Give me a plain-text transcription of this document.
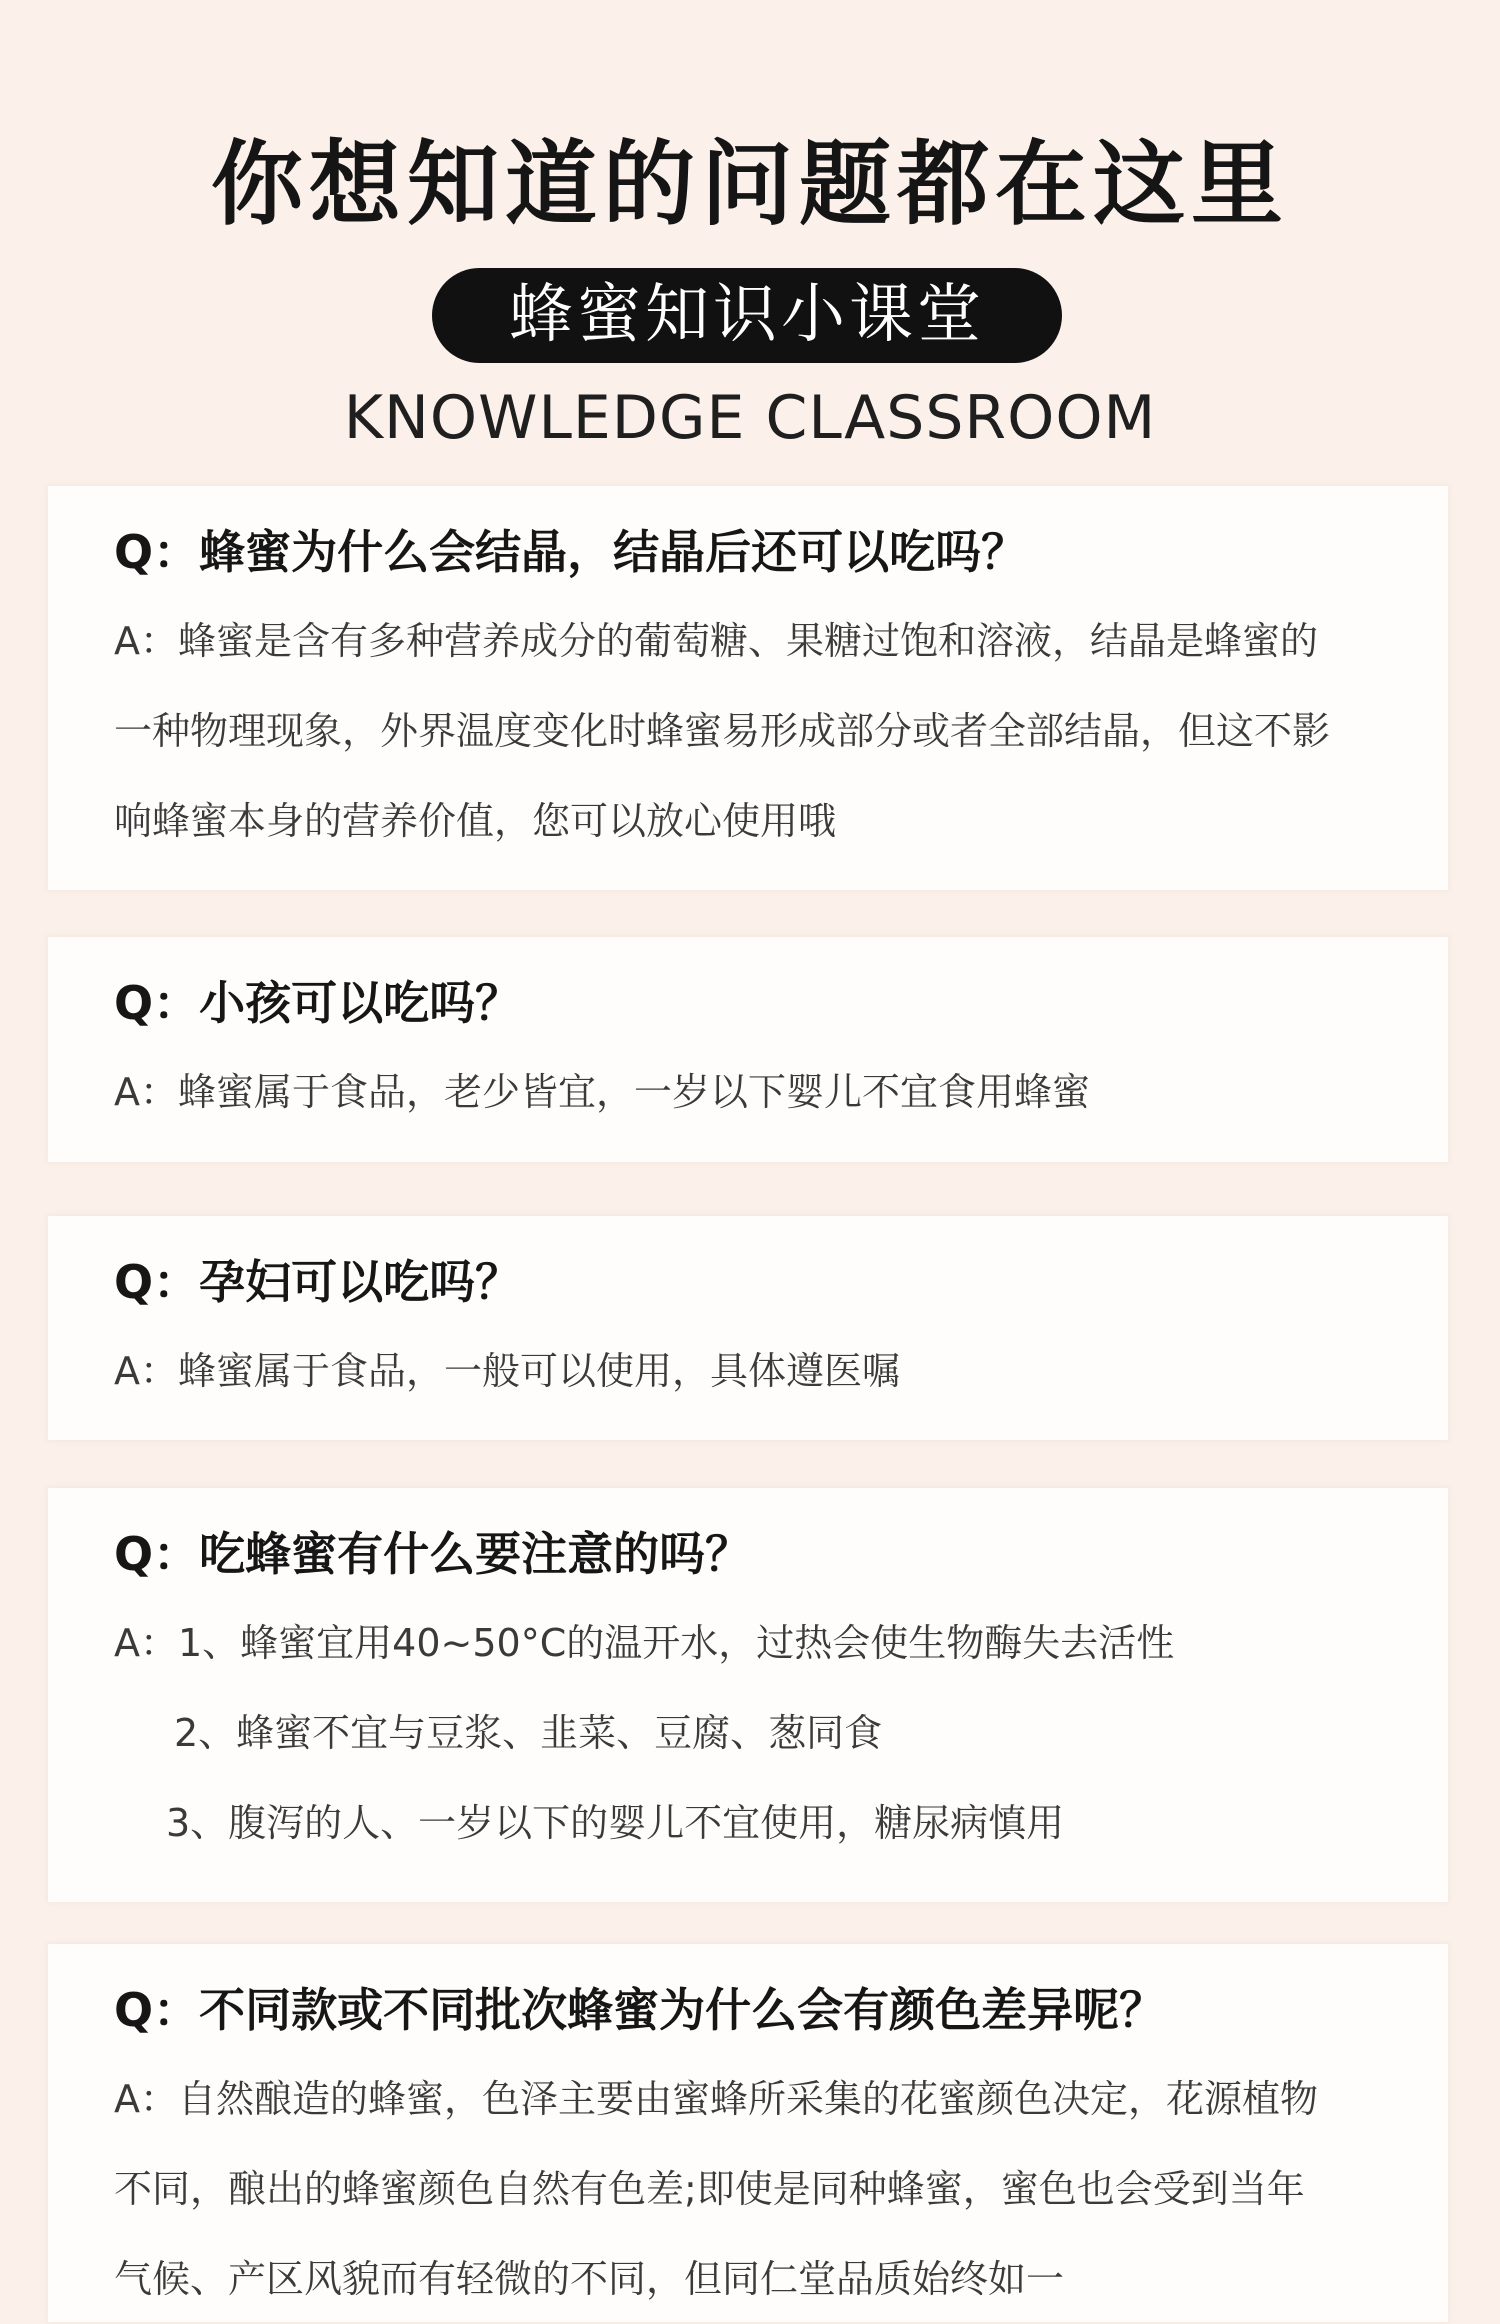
你想知道的问题都在这里
蜂蜜知识小课堂
KNOWLEDGE CLASSROOM
Q：蜂蜜为什么会结晶，结晶后还可以吃吗？
A：蜂蜜是含有多种营养成分的葡萄糖、果糖过饱和溶液，结晶是蜂蜜的
一种物理现象，外界温度变化时蜂蜜易形成部分或者全部结晶，但这不影
响蜂蜜本身的营养价值，您可以放心使用哦
Q：小孩可以吃吗？
A：蜂蜜属于食品，老少皆宜，一岁以下婴儿不宜食用蜂蜜
Q：孕妇可以吃吗？
A：蜂蜜属于食品，一般可以使用，具体遵医嘱
Q：吃蜂蜜有什么要注意的吗？
A：1、蜂蜜宜用40~50°C的温开水，过热会使生物酶失去活性
2、蜂蜜不宜与豆浆、韭菜、豆腐、葱同食
3、腹泻的人、一岁以下的婴儿不宜使用，糖尿病慎用
Q：不同款或不同批次蜂蜜为什么会有颜色差异呢？
A：自然酿造的蜂蜜，色泽主要由蜜蜂所采集的花蜜颜色决定，花源植物
不同，酿出的蜂蜜颜色自然有色差;即使是同种蜂蜜，蜜色也会受到当年
气候、产区风貌而有轻微的不同，但同仁堂品质始终如一
